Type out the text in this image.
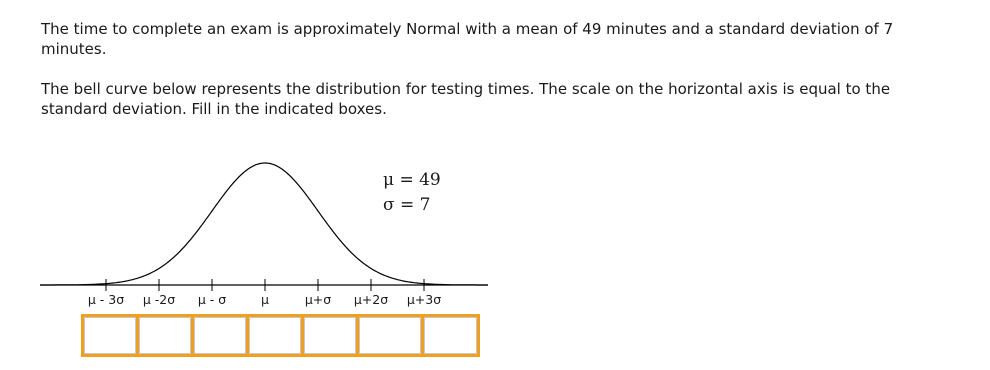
The time to complete an exam is approximately Normal with a mean of 49 minutes and a standard deviation of 7 minutes.

The bell curve below represents the distribution for testing times. The scale on the horizontal axis is equal to the standard deviation. Fill in the indicated boxes.

μ = 49
σ = 7
μ - 3σ μ -2σ μ - σ	μ	μ+σ μ+2σ μ+3σ
